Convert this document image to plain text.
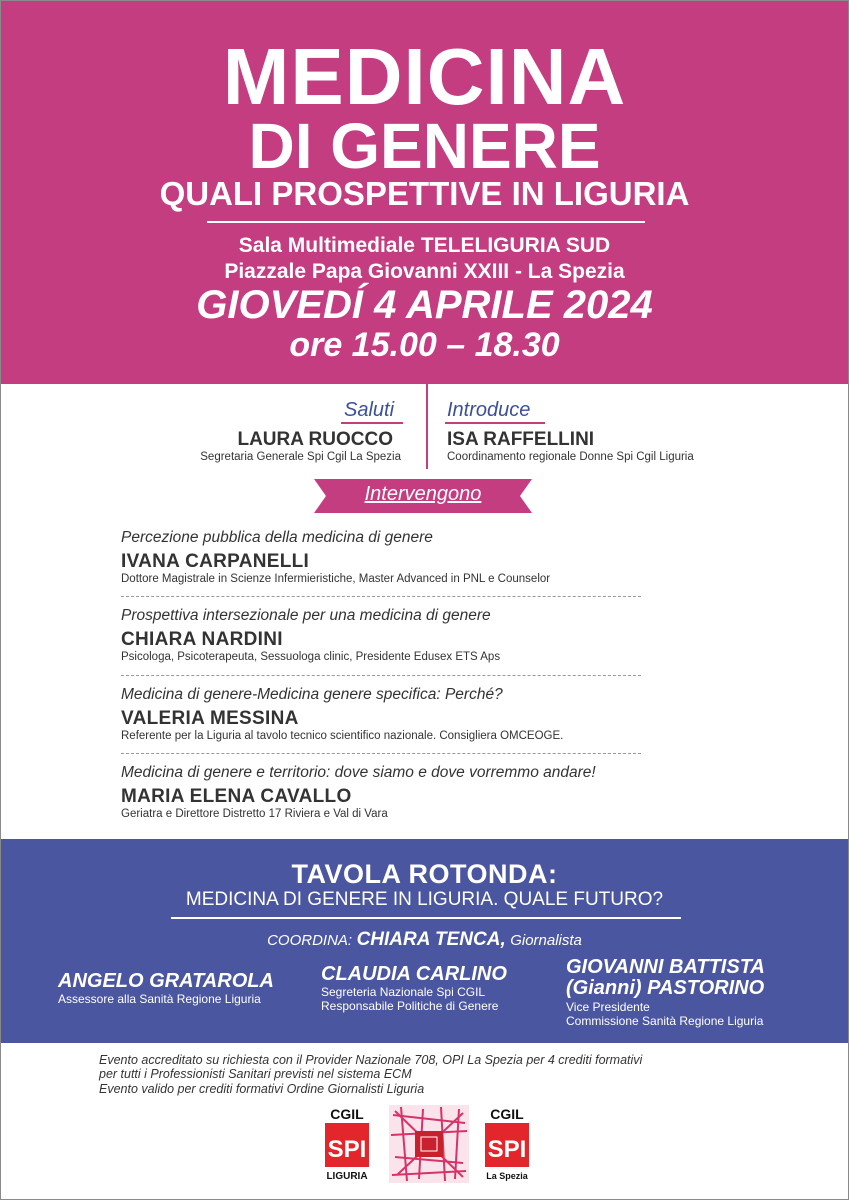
MEDICINA
DI GENERE
QUALI PROSPETTIVE IN LIGURIA
Sala Multimediale TELELIGURIA SUD
Piazzale Papa Giovanni XXIII - La Spezia
GIOVEDÍ 4 APRILE 2024
ore 15.00 – 18.30
Saluti
LAURA RUOCCO
Segretaria Generale Spi Cgil La Spezia
Introduce
ISA RAFFELLINI
Coordinamento regionale Donne Spi Cgil Liguria
Intervengono
Percezione pubblica della medicina di genere
IVANA CARPANELLI
Dottore Magistrale in Scienze Infermieristiche, Master Advanced in PNL e Counselor
Prospettiva intersezionale per una medicina di genere
CHIARA NARDINI
Psicologa, Psicoterapeuta, Sessuologa clinic, Presidente Edusex ETS Aps
Medicina di genere-Medicina genere specifica: Perché?
VALERIA MESSINA
Referente per la Liguria al tavolo tecnico scientifico nazionale. Consigliera OMCEOGE.
Medicina di genere e territorio: dove siamo e dove vorremmo andare!
MARIA ELENA CAVALLO
Geriatra e Direttore Distretto 17 Riviera e Val di Vara
TAVOLA ROTONDA:
MEDICINA DI GENERE IN LIGURIA. QUALE FUTURO?
COORDINA: CHIARA TENCA, Giornalista
ANGELO GRATAROLA
Assessore alla Sanità Regione Liguria
CLAUDIA CARLINO
Segreteria Nazionale Spi CGIL
Responsabile Politiche di Genere
GIOVANNI BATTISTA
(Gianni) PASTORINO
Vice Presidente
Commissione Sanità Regione Liguria
Evento accreditato su richiesta con il Provider Nazionale 708, OPI La Spezia per 4 crediti formativi
per tutti i Professionisti Sanitari previsti nel sistema ECM
Evento valido per crediti formativi Ordine Giornalisti Liguria
CGIL
SPI
LIGURIA
CGIL
SPI
La Spezia
